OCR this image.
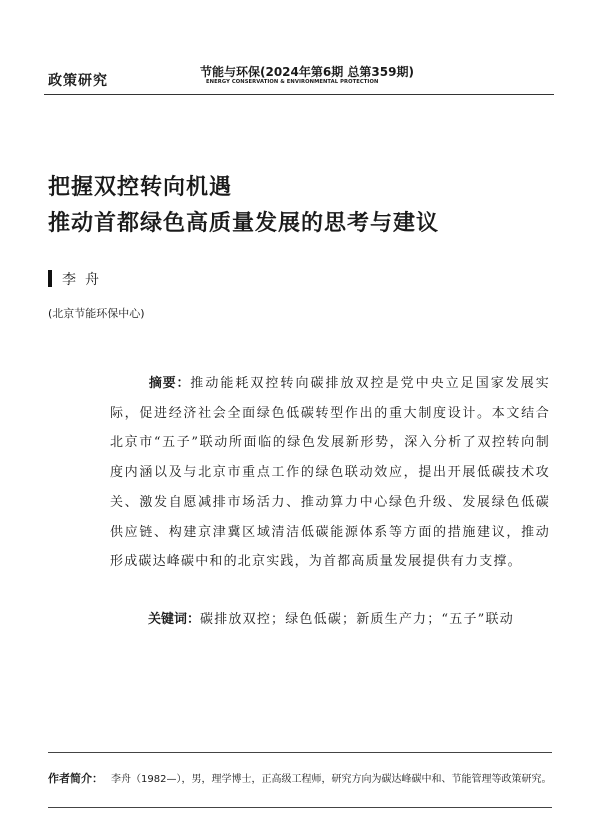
政策研究
节能与环保(2024年第6期 总第359期)
ENERGY CONSERVATION & ENVIRONMENTAL PROTECTION
把握双控转向机遇
推动首都绿色高质量发展的思考与建议
李舟
(北京节能环保中心)
摘要：推动能耗双控转向碳排放双控是党中央立足国家发展实际，促进经济社会全面绿色低碳转型作出的重大制度设计。本文结合北京市“五子”联动所面临的绿色发展新形势，深入分析了双控转向制度内涵以及与北京市重点工作的绿色联动效应，提出开展低碳技术攻关、激发自愿减排市场活力、推动算力中心绿色升级、发展绿色低碳供应链、构建京津冀区域清洁低碳能源体系等方面的措施建议，推动形成碳达峰碳中和的北京实践，为首都高质量发展提供有力支撑。
关键词：碳排放双控；绿色低碳；新质生产力；“五子”联动
作者简介： 李舟（1982—），男，理学博士，正高级工程师，研究方向为碳达峰碳中和、节能管理等政策研究。
